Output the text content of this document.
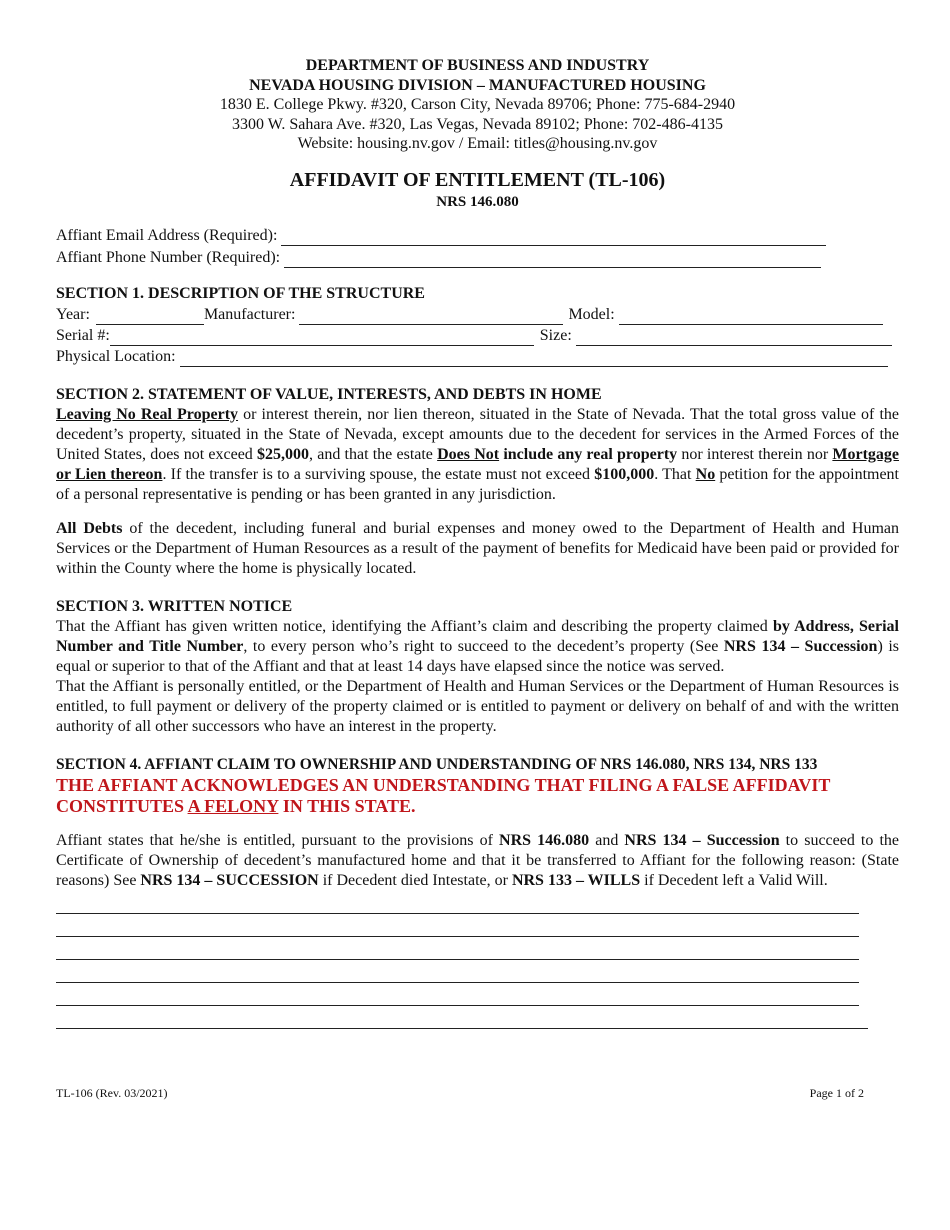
DEPARTMENT OF BUSINESS AND INDUSTRY
NEVADA HOUSING DIVISION – MANUFACTURED HOUSING
1830 E. College Pkwy. #320, Carson City, Nevada 89706; Phone: 775-684-2940
3300 W. Sahara Ave. #320, Las Vegas, Nevada 89102; Phone: 702-486-4135
Website: housing.nv.gov / Email: titles@housing.nv.gov
AFFIDAVIT OF ENTITLEMENT (TL-106)
NRS 146.080
Affiant Email Address (Required):
Affiant Phone Number (Required):
SECTION 1. DESCRIPTION OF THE STRUCTURE
Year:	Manufacturer:	Model:
Serial #:	Size:
Physical Location:
SECTION 2. STATEMENT OF VALUE, INTERESTS, AND DEBTS IN HOME

Leaving No Real Property or interest therein, nor lien thereon, situated in the State of Nevada. That the total gross value of the decedent’s property, situated in the State of Nevada, except amounts due to the decedent for services in the Armed Forces of the United States, does not exceed $25,000, and that the estate Does Not include any real property nor interest therein nor Mortgage or Lien thereon. If the transfer is to a surviving spouse, the estate must not exceed $100,000. That No petition for the appointment of a personal representative is pending or has been granted in any jurisdiction.

All Debts of the decedent, including funeral and burial expenses and money owed to the Department of Health and Human Services or the Department of Human Resources as a result of the payment of benefits for Medicaid have been paid or provided for within the County where the home is physically located.

SECTION 3. WRITTEN NOTICE

That the Affiant has given written notice, identifying the Affiant’s claim and describing the property claimed by Address, Serial Number and Title Number, to every person who’s right to succeed to the decedent’s property (See NRS 134 – Succession) is equal or superior to that of the Affiant and that at least 14 days have elapsed since the notice was served.

That the Affiant is personally entitled, or the Department of Health and Human Services or the Department of Human Resources is entitled, to full payment or delivery of the property claimed or is entitled to payment or delivery on behalf of and with the written authority of all other successors who have an interest in the property.

SECTION 4. AFFIANT CLAIM TO OWNERSHIP AND UNDERSTANDING OF NRS 146.080, NRS 134, NRS 133
THE AFFIANT ACKNOWLEDGES AN UNDERSTANDING THAT FILING A FALSE AFFIDAVIT CONSTITUTES A FELONY IN THIS STATE.

Affiant states that he/she is entitled, pursuant to the provisions of NRS 146.080 and NRS 134 – Succession to succeed to the Certificate of Ownership of decedent’s manufactured home and that it be transferred to Affiant for the following reason: (State reasons) See NRS 134 – SUCCESSION if Decedent died Intestate, or NRS 133 – WILLS if Decedent left a Valid Will.

TL-106 (Rev. 03/2021)	Page 1 of 2
